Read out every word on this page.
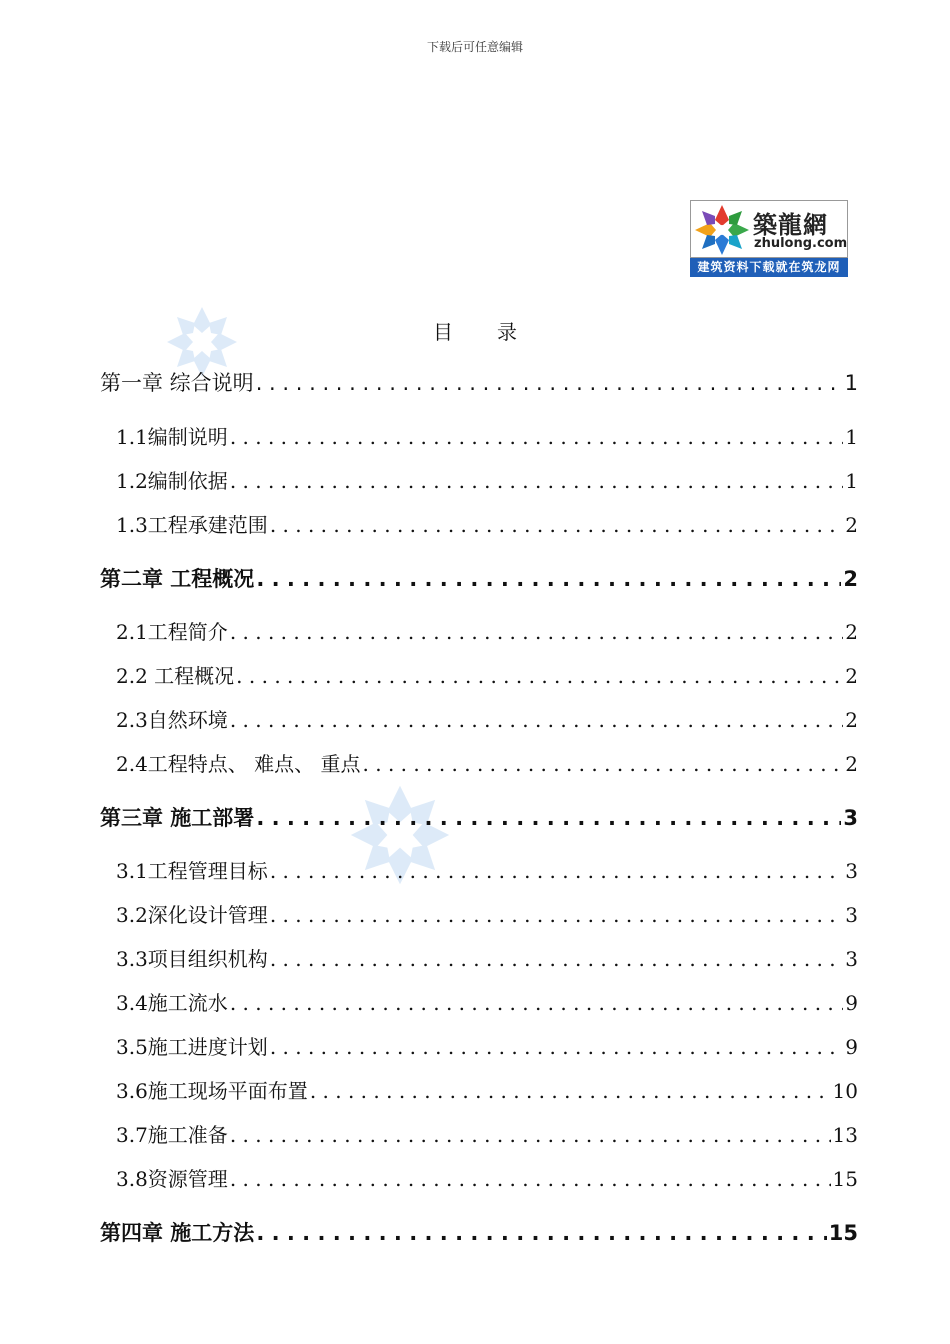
下载后可任意编辑
築龍網
zhulong.com
建筑资料下载就在筑龙网
目录
第一章 综合说明 . . .	1
1.1编制说明 . . .	1
1.2编制依据 . . .	1
1.3工程承建范围 . . .	2
第二章 工程概况 . . .	2
2.1工程简介 . . .	2
2.2 工程概况 . . .	2
2.3自然环境 . . .	2
2.4工程特点、 难点、 重点 . . .	2
第三章 施工部署 . . .	3
3.1工程管理目标 . . .	3
3.2深化设计管理 . . .	3
3.3项目组织机构 . . .	3
3.4施工流水 . . .	9
3.5施工进度计划 . . .	9
3.6施工现场平面布置 . . .	10
3.7施工准备 . . .	13
3.8资源管理 . . .	15
第四章 施工方法 . . .	15
